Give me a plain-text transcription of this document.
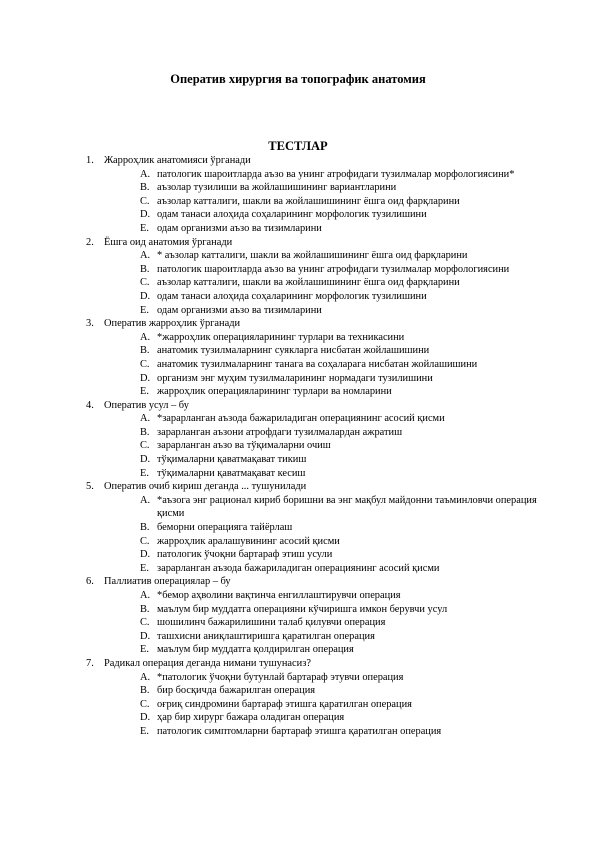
Оператив хирургия ва топографик анатомия
ТЕСТЛАР
1. Жарроҳлик анатомияси ўрганади
A. патологик шароитларда аъзо ва унинг атрофидаги тузилмалар морфологиясини*
B. аъзолар тузилиши ва жойлашишининг вариантларини
C. аъзолар катталиги, шакли ва жойлашишининг ёшга оид фарқларини
D. одам танаси алоҳида соҳаларининг морфологик тузилишини
E. одам организми аъзо ва тизимларини
2. Ёшга оид анатомия ўрганади
A. * аъзолар катталиги, шакли ва жойлашишининг ёшга оид фарқларини
B. патологик шароитларда аъзо ва унинг атрофидаги тузилмалар морфологиясини
C. аъзолар катталиги, шакли ва жойлашишининг ёшга оид фарқларини
D. одам танаси алоҳида соҳаларининг морфологик тузилишини
E. одам организми аъзо ва тизимларини
3. Оператив жарроҳлик ўрганади
A. *жарроҳлик операцияларининг турлари ва техникасини
B. анатомик тузилмаларнинг суякларга нисбатан жойлашишини
C. анатомик тузилмаларнинг танага ва соҳаларага нисбатан жойлашишини
D. организм энг муҳим тузилмаларининг нормадаги тузилишини
E. жарроҳлик операцияларининг турлари ва номларини
4. Оператив усул – бу
A. *зарарланган аъзода бажариладиган операциянинг асосий қисми
B. зарарланган аъзони атрофдаги тузилмалардан ажратиш
C. зарарланган аъзо ва тўқималарни очиш
D. тўқималарни қаватмақават тикиш
E. тўқималарни қаватмақават кесиш
5. Оператив очиб кириш деганда ... тушунилади
A. *аъзога энг рационал кириб боришни ва энг мақбул майдонни таъминловчи операция қисми
B. беморни операцияга тайёрлаш
C. жарроҳлик аралашувининг асосий қисми
D. патологик ўчоқни бартараф этиш усули
E. зарарланган аъзода бажариладиган операциянинг асосий қисми
6. Паллиатив операциялар – бу
A. *бемор аҳволини вақтинча енгиллаштирувчи операция
B. маълум бир муддатга операцияни кўчиришга имкон берувчи усул
C. шошилинч бажарилишини талаб қилувчи операция
D. ташхисни аниқлаштиришга қаратилган операция
E. маълум бир муддатга қолдирилган операция
7. Радикал операция деганда нимани тушунасиз?
A. *патологик ўчоқни бутунлай бартараф этувчи операция
B. бир босқичда бажарилган операция
C. оғриқ синдромини бартараф этишга қаратилган операция
D. ҳар бир хирург бажара оладиган операция
E. патологик симптомларни бартараф этишга қаратилган операция
